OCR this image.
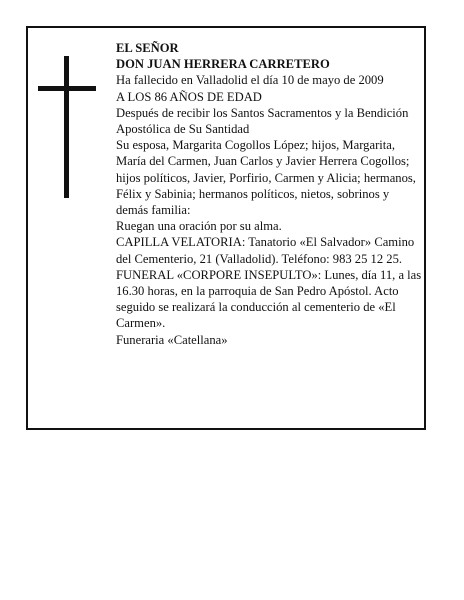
EL SEÑOR

DON JUAN HERRERA CARRETERO

Ha fallecido en Valladolid el día 10 de mayo de 2009

A LOS 86 AÑOS DE EDAD

Después de recibir los Santos Sacramentos y la Bendición Apostólica de Su Santidad

Su esposa, Margarita Cogollos López; hijos, Margarita, María del Carmen, Juan Carlos y Javier Herrera Cogollos; hijos políticos, Javier, Porfirio, Carmen y Alicia; hermanos, Félix y Sabinia; hermanos políticos, nietos, sobrinos y demás familia:

Ruegan una oración por su alma.

CAPILLA VELATORIA: Tanatorio «El Salvador» Camino del Cementerio, 21 (Valladolid). Teléfono: 983 25 12 25.

FUNERAL «CORPORE INSEPULTO»: Lunes, día 11, a las 16.30 horas, en la parroquia de San Pedro Apóstol. Acto seguido se realizará la conducción al cementerio de «El Carmen».

Funeraria «Catellana»
